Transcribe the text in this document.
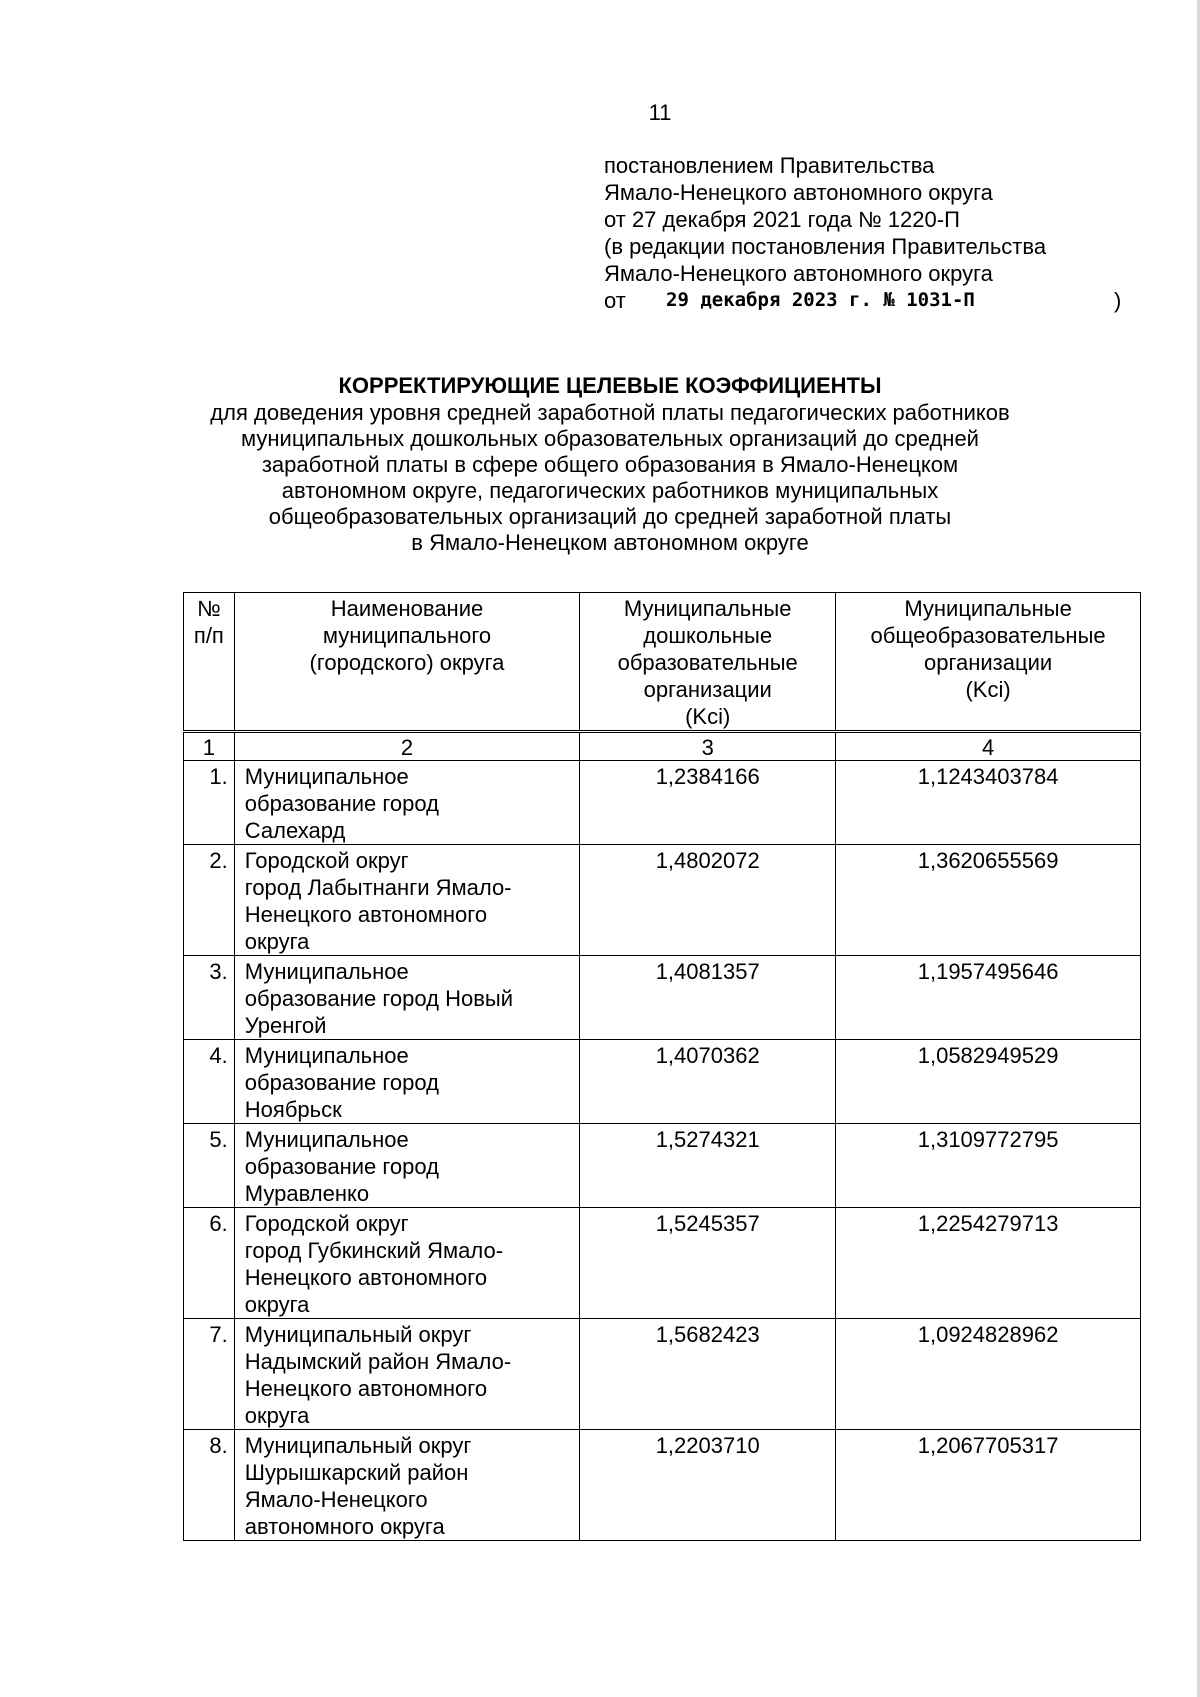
11
постановлением Правительства
Ямало-Ненецкого автономного округа
от 27 декабря 2021 года № 1220-П
(в редакции постановления Правительства
Ямало-Ненецкого автономного округа
от 29 декабря 2023 г. № 1031-П	)
КОРРЕКТИРУЮЩИЕ ЦЕЛЕВЫЕ КОЭФФИЦИЕНТЫ
для доведения уровня средней заработной платы педагогических работников
муниципальных дошкольных образовательных организаций до средней
заработной платы в сфере общего образования в Ямало-Ненецком
автономном округе, педагогических работников муниципальных
общеобразовательных организаций до средней заработной платы
в Ямало-Ненецком автономном округе
№
п/п	Наименование
муниципального
(городского) округа	Муниципальные
дошкольные
образовательные
организации
(Kci)	Муниципальные
общеобразовательные
организации
(Kci)

1	2	3	4
1.	Муниципальное
образование город
Салехард	1,2384166	1,1243403784
2.	Городской округ
город Лабытнанги Ямало-
Ненецкого автономного
округа	1,4802072	1,3620655569
3.	Муниципальное
образование город Новый
Уренгой	1,4081357	1,1957495646
4.	Муниципальное
образование город
Ноябрьск	1,4070362	1,0582949529
5.	Муниципальное
образование город
Муравленко	1,5274321	1,3109772795
6.	Городской округ
город Губкинский Ямало-
Ненецкого автономного
округа	1,5245357	1,2254279713
7.	Муниципальный округ
Надымский район Ямало-
Ненецкого автономного
округа	1,5682423	1,0924828962
8.	Муниципальный округ
Шурышкарский район
Ямало-Ненецкого
автономного округа	1,2203710	1,2067705317
